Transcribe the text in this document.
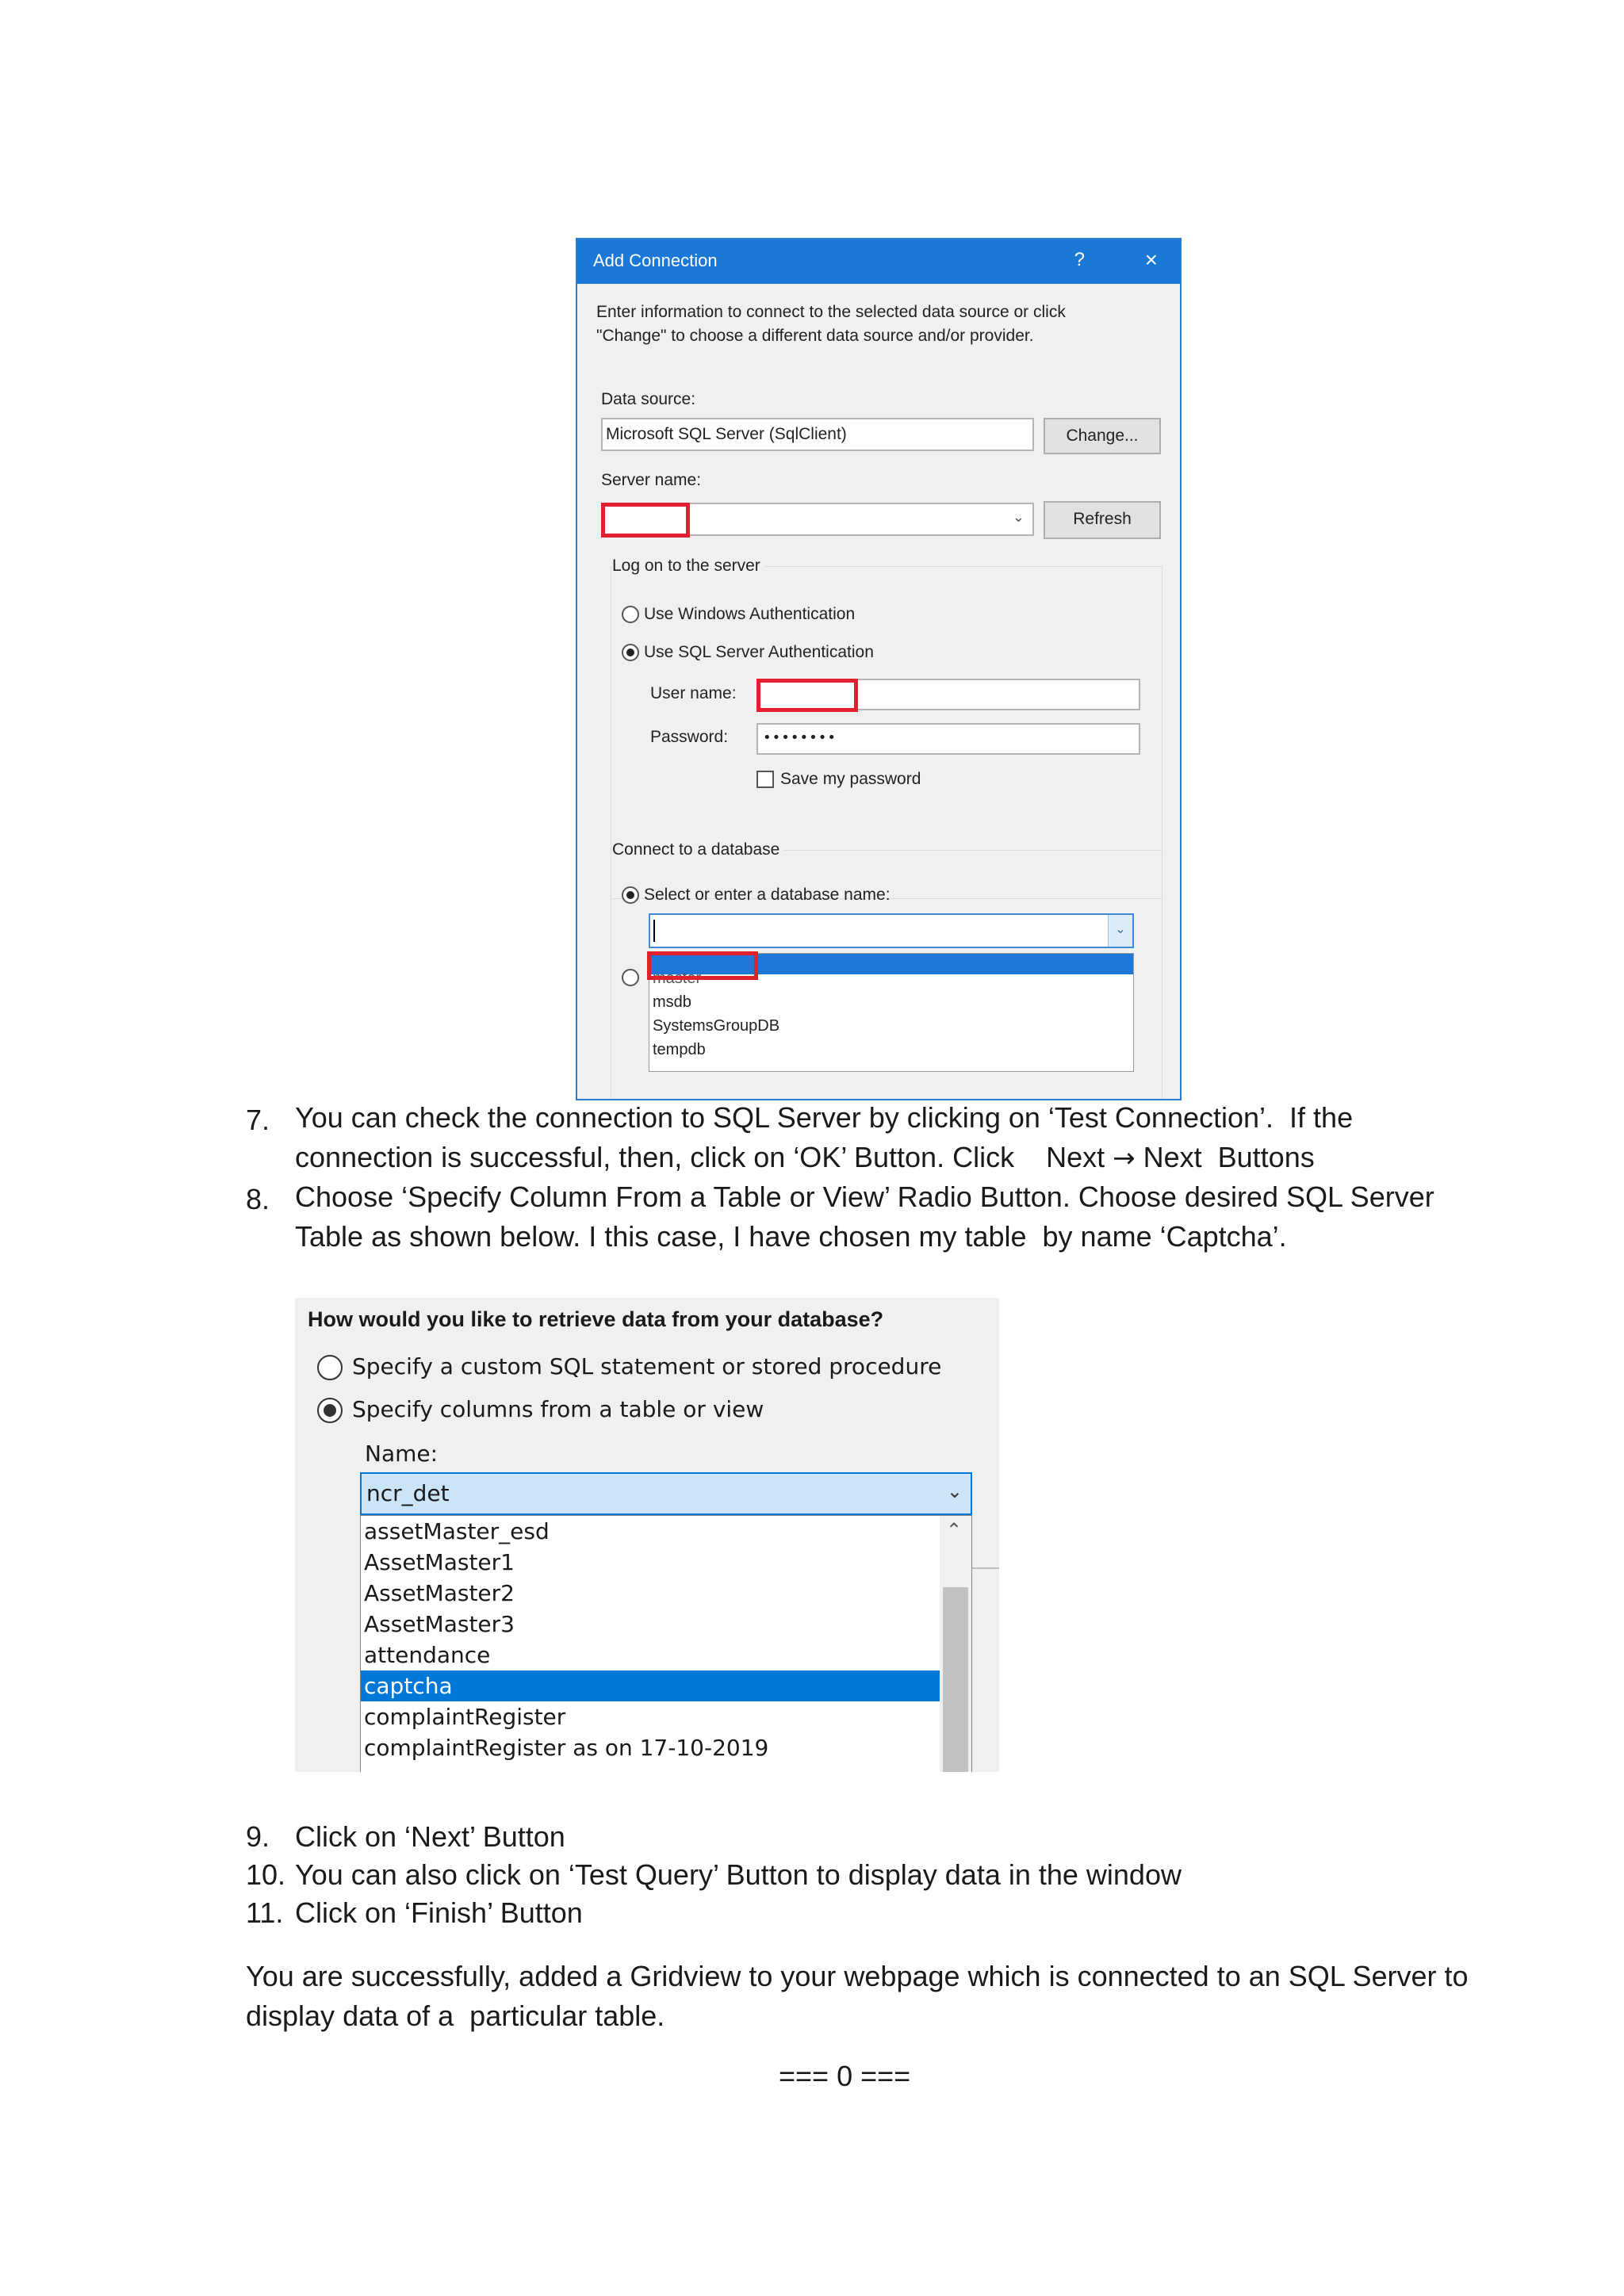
Add Connection	?	×
Enter information to connect to the selected data source or click
"Change" to choose a different data source and/or provider.
Data source:
Microsoft SQL Server (SqlClient)	Change...
Server name:
⌄	Refresh
Log on to the server
Use Windows Authentication
Use SQL Server Authentication
User name:
Password: ••••••••
Save my password
Connect to a database
Select or enter a database name:
⌄
master
msdb
SystemsGroupDB
tempdb
7. You can check the connection to SQL Server by clicking on ‘Test Connection’.  If the
connection is successful, then, click on ‘OK’ Button. Click    Next → Next  Buttons
8. Choose ‘Specify Column From a Table or View’ Radio Button. Choose desired SQL Server
Table as shown below. I this case, I have chosen my table  by name ‘Captcha’.
How would you like to retrieve data from your database?
Specify a custom SQL statement or stored procedure
Specify columns from a table or view
Name:
ncr_det	⌄
assetMaster_esd
AssetMaster1
AssetMaster2
AssetMaster3
attendance
captcha
complaintRegister
complaintRegister as on 17-10-2019
⌃
9. Click on ‘Next’ Button
10. You can also click on ‘Test Query’ Button to display data in the window
11. Click on ‘Finish’ Button
You are successfully, added a Gridview to your webpage which is connected to an SQL Server to
display data of a  particular table.
=== 0 ===
